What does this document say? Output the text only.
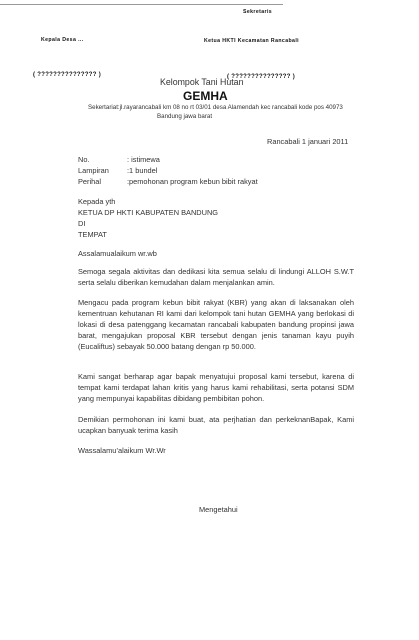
Sekretaris
Kepala Desa ...	Ketua HKTI Kecamatan Rancabali
( ??????????????? )
Kelompok Tani Hutan
( ??????????????? )
GEMHA
Sekertariat:jl.rayarancabali km 08 no rt 03/01 desa Alamendah kec rancabali kode pos 40973
Bandung jawa barat
Rancabali 1 januari 2011
No.	: istimewa
Lampiran :1 bundel
Perihal	:pemohonan program kebun bibit rakyat
Kepada yth
KETUA DP HKTI KABUPATEN BANDUNG
DI
TEMPAT
Assalamualaikum wr.wb
Semoga segala aktivitas dan dedikasi kita semua selalu di lindungi ALLOH S.W.T serta selalu diberikan kemudahan dalam menjalankan amin.
Mengacu pada program kebun bibit rakyat (KBR) yang akan di laksanakan oleh kementruan kehutanan RI kami dari kelompok tani hutan GEMHA yang berlokasi di lokasi di desa patenggang kecamatan rancabali kabupaten bandung propinsi jawa barat, mengajukan proposal KBR tersebut dengan jenis tanaman kayu puyih (Eucaliftus) sebayak 50.000 batang dengan rp 50.000.
Kami sangat berharap agar bapak menyatujui proposal kami tersebut, karena di tempat kami terdapat lahan kritis yang harus kami rehabilitasi, serta potansi SDM yang mempunyai kapabilitas dibidang pembibitan pohon.
Demikian permohonan ini kami buat, ata perjhatian dan perkeknanBapak, Kami ucapkan banyuak terima kasih
Wassalamu’alaikum Wr.Wr
Mengetahui
